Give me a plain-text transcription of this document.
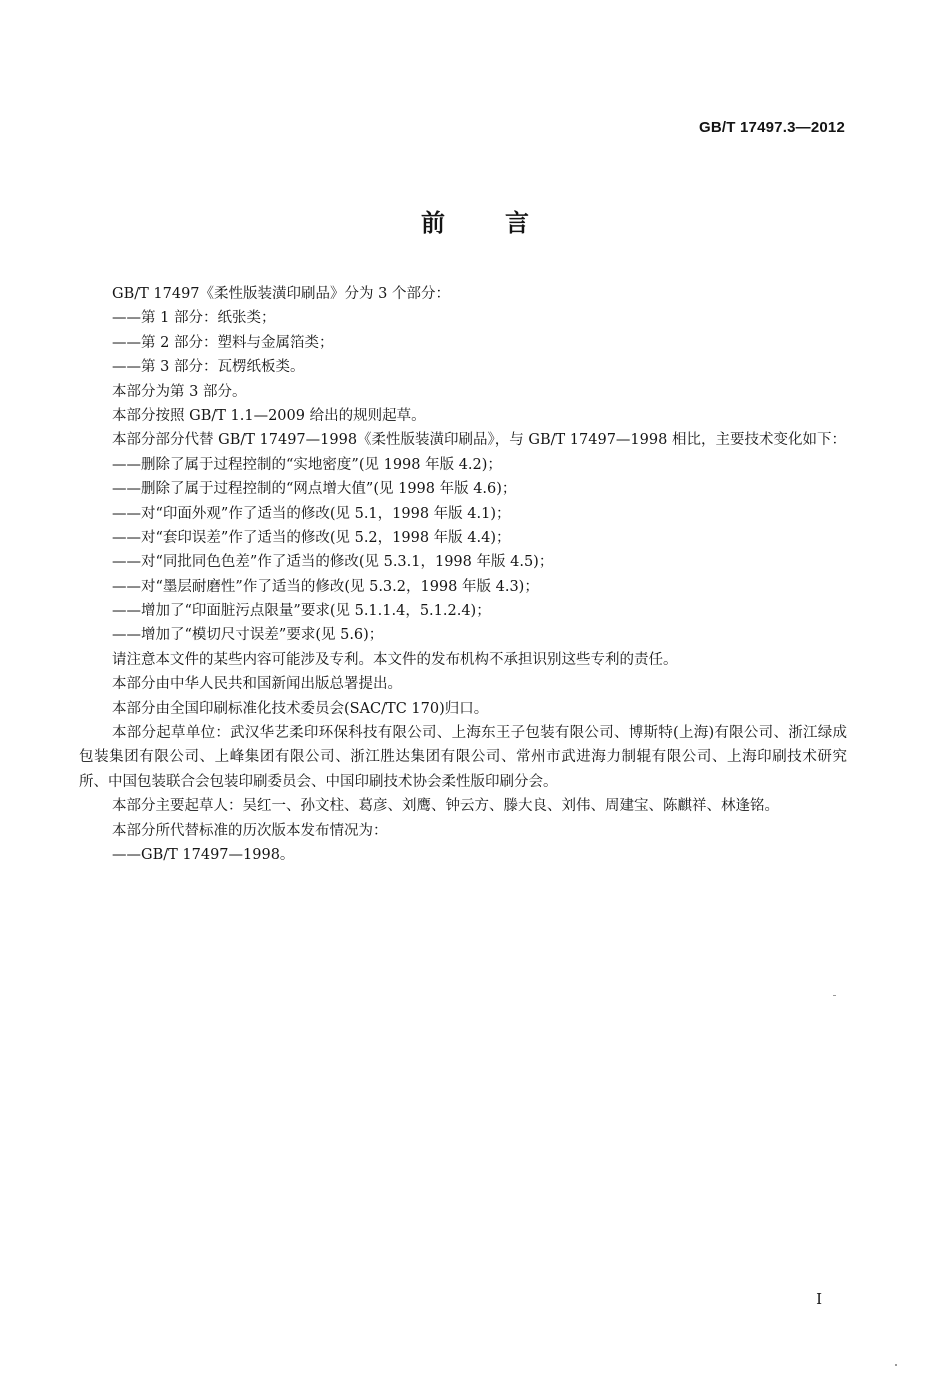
GB/T 17497.3—2012
前言
GB/T 17497《柔性版装潢印刷品》分为 3 个部分：
——第 1 部分：纸张类；
——第 2 部分：塑料与金属箔类；
——第 3 部分：瓦楞纸板类。
本部分为第 3 部分。
本部分按照 GB/T 1.1—2009 给出的规则起草。
本部分部分代替 GB/T 17497—1998《柔性版装潢印刷品》，与 GB/T 17497—1998 相比，主要技术变化如下：
——删除了属于过程控制的“实地密度”(见 1998 年版 4.2)；
——删除了属于过程控制的“网点增大值”(见 1998 年版 4.6)；
——对“印面外观”作了适当的修改(见 5.1，1998 年版 4.1)；
——对“套印误差”作了适当的修改(见 5.2，1998 年版 4.4)；
——对“同批同色色差”作了适当的修改(见 5.3.1，1998 年版 4.5)；
——对“墨层耐磨性”作了适当的修改(见 5.3.2，1998 年版 4.3)；
——增加了“印面脏污点限量”要求(见 5.1.1.4，5.1.2.4)；
——增加了“模切尺寸误差”要求(见 5.6)；
请注意本文件的某些内容可能涉及专利。本文件的发布机构不承担识别这些专利的责任。
本部分由中华人民共和国新闻出版总署提出。
本部分由全国印刷标准化技术委员会(SAC/TC 170)归口。
本部分起草单位：武汉华艺柔印环保科技有限公司、上海东王子包装有限公司、博斯特(上海)有限公司、浙江绿成包装集团有限公司、上峰集团有限公司、浙江胜达集团有限公司、常州市武进海力制辊有限公司、上海印刷技术研究所、中国包装联合会包装印刷委员会、中国印刷技术协会柔性版印刷分会。
本部分主要起草人：吴红一、孙文柱、葛彦、刘鹰、钟云方、滕大良、刘伟、周建宝、陈麒祥、林逢铭。
本部分所代替标准的历次版本发布情况为：
——GB/T 17497—1998。
I
